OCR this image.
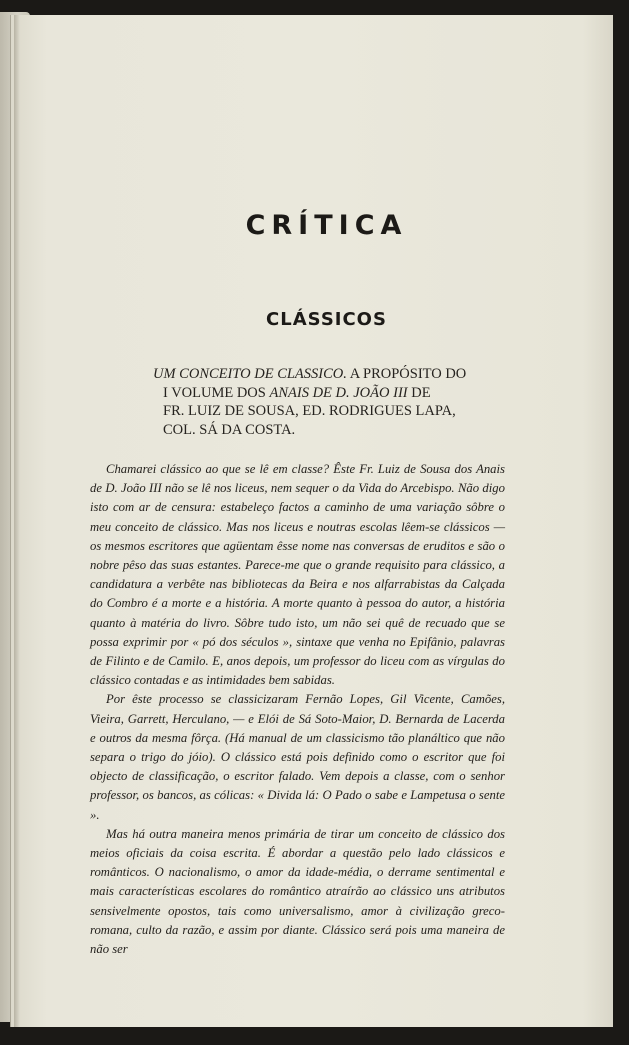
CRÍTICA
CLÁSSICOS
UM CONCEITO DE CLASSICO. A PROPÓSITO DO
I VOLUME DOS ANAIS DE D. JOÃO III DE
FR. LUIZ DE SOUSA, ED. RODRIGUES LAPA,
COL. SÁ DA COSTA.

Chamarei clássico ao que se lê em classe? Êste Fr. Luiz de Sousa dos Anais de D. João III não se lê nos liceus, nem sequer o da Vida do Arcebispo. Não digo isto com ar de censura: estabeleço factos a caminho de uma variação sôbre o meu conceito de clássico. Mas nos liceus e noutras escolas lêem-se clássicos — os mesmos escritores que agüentam êsse nome nas conversas de eruditos e são o nobre pêso das suas estantes. Parece-me que o grande requisito para clássico, a candidatura a verbête nas bibliotecas da Beira e nos alfarrabistas da Calçada do Combro é a morte e a história. A morte quanto à pessoa do autor, a história quanto à matéria do livro. Sôbre tudo isto, um não sei quê de recuado que se possa exprimir por « pó dos séculos », sintaxe que venha no Epifânio, palavras de Filinto e de Camilo. E, anos depois, um professor do liceu com as vírgulas do clássico contadas e as intimidades bem sabidas.

Por êste processo se classicizaram Fernão Lopes, Gil Vicente, Camões, Vieira, Garrett, Herculano, — e Elói de Sá Soto-Maior, D. Bernarda de Lacerda e outros da mesma fôrça. (Há manual de um classicismo tão planáltico que não separa o trigo do jóio). O clássico está pois definido como o escritor que foi objecto de classificação, o escritor falado. Vem depois a classe, com o senhor professor, os bancos, as cólicas: « Divida lá: O Pado o sabe e Lampetusa o sente ».

Mas há outra maneira menos primária de tirar um conceito de clássico dos meios oficiais da coisa escrita. É abordar a questão pelo lado clássicos e românticos. O nacionalismo, o amor da idade-média, o derrame sentimental e mais características escolares do romântico atraírão ao clássico uns atributos sensivelmente opostos, tais como universalismo, amor à civilização greco-romana, culto da razão, e assim por diante. Clássico será pois uma maneira de não ser
